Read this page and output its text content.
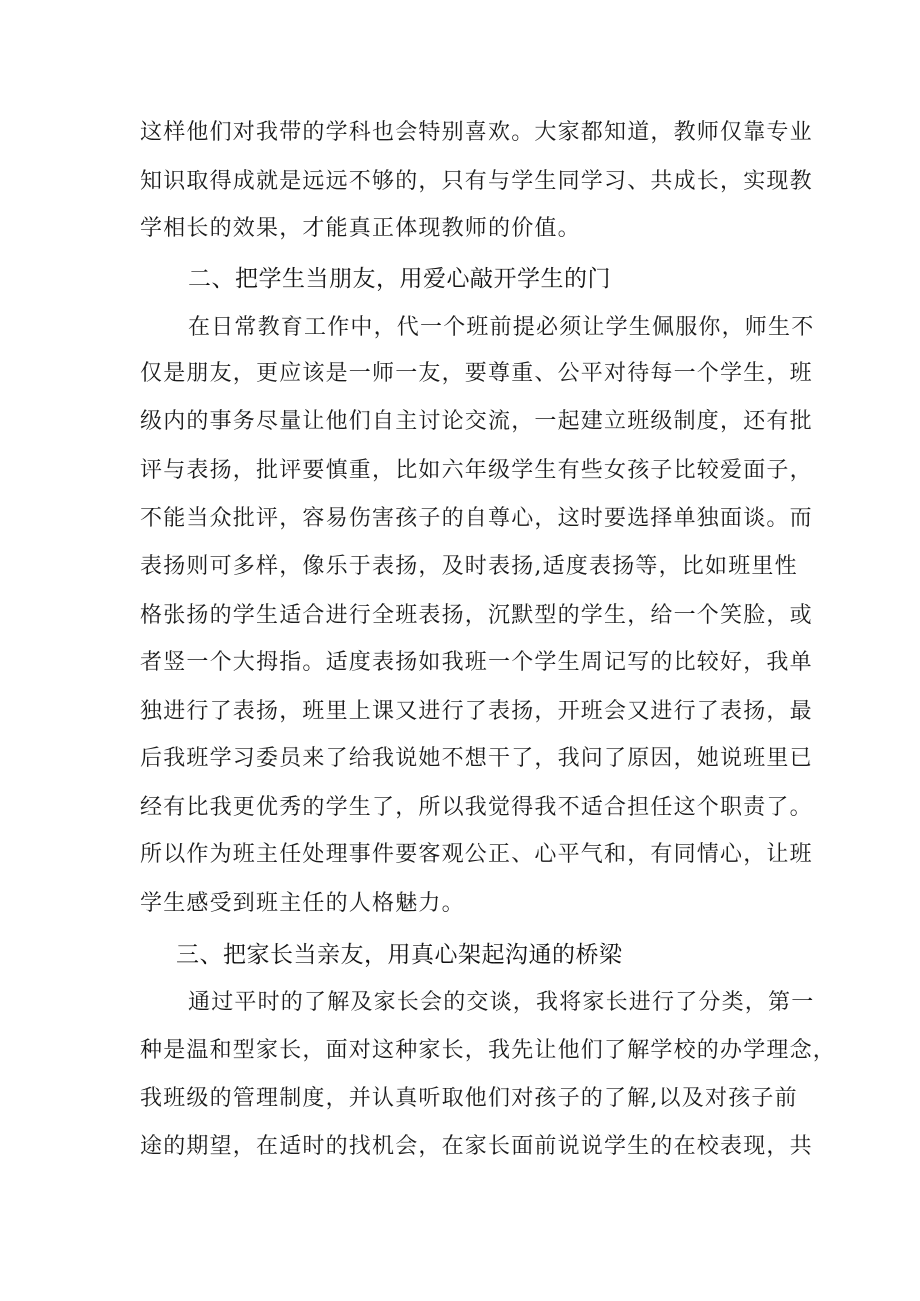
这样他们对我带的学科也会特别喜欢。大家都知道，教师仅靠专业
知识取得成就是远远不够的，只有与学生同学习、共成长，实现教
学相长的效果，才能真正体现教师的价值。
二、把学生当朋友，用爱心敲开学生的门
在日常教育工作中，代一个班前提必须让学生佩服你，师生不
仅是朋友，更应该是一师一友，要尊重、公平对待每一个学生，班
级内的事务尽量让他们自主讨论交流，一起建立班级制度，还有批
评与表扬，批评要慎重，比如六年级学生有些女孩子比较爱面子，
不能当众批评，容易伤害孩子的自尊心，这时要选择单独面谈。而
表扬则可多样，像乐于表扬，及时表扬,适度表扬等，比如班里性
格张扬的学生适合进行全班表扬，沉默型的学生，给一个笑脸，或
者竖一个大拇指。适度表扬如我班一个学生周记写的比较好，我单
独进行了表扬，班里上课又进行了表扬，开班会又进行了表扬，最
后我班学习委员来了给我说她不想干了，我问了原因，她说班里已
经有比我更优秀的学生了，所以我觉得我不适合担任这个职责了。
所以作为班主任处理事件要客观公正、心平气和，有同情心，让班
学生感受到班主任的人格魅力。
三、把家长当亲友，用真心架起沟通的桥梁
通过平时的了解及家长会的交谈，我将家长进行了分类，第一
种是温和型家长，面对这种家长，我先让他们了解学校的办学理念，
我班级的管理制度，并认真听取他们对孩子的了解,以及对孩子前
途的期望，在适时的找机会，在家长面前说说学生的在校表现，共
